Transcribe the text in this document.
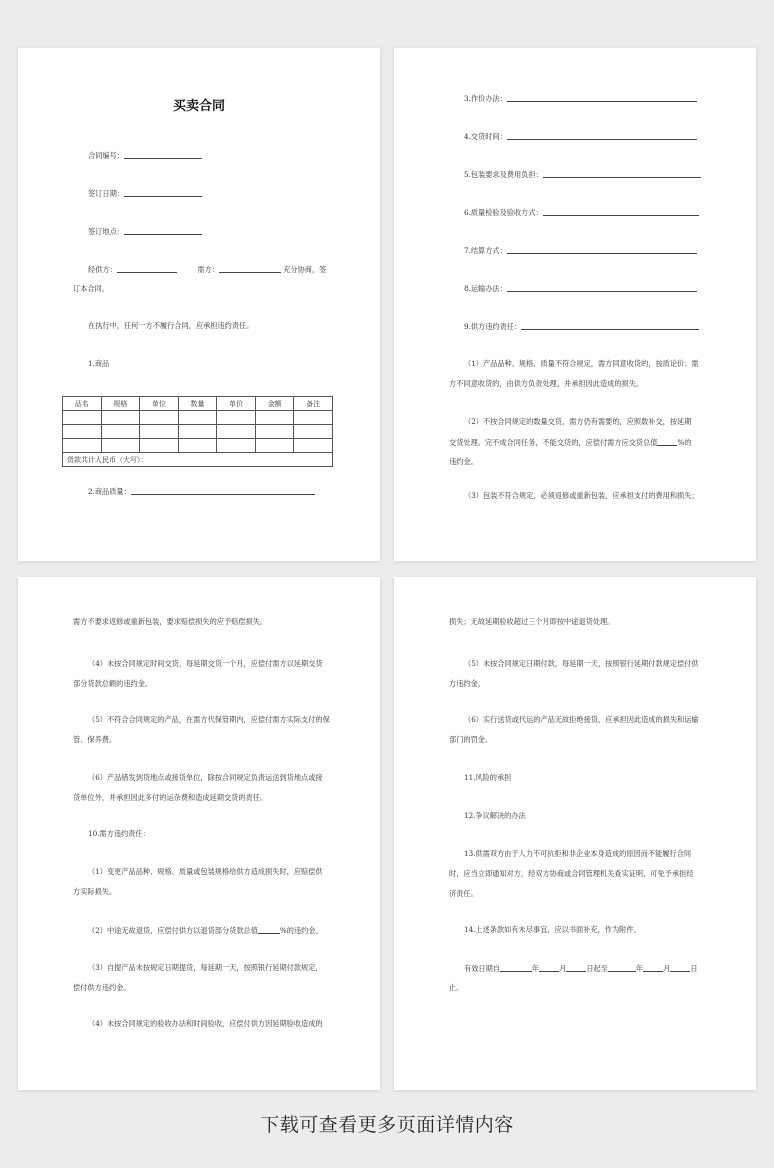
买卖合同
合同编号：
签订日期：
签订地点：
经供方：	需方：	充分协商，签
订本合同。
在执行中，任何一方不履行合同，应承担违约责任。
1.商品
品名	规格	单位	数量	单价	金额	备注

货款共计人民币（大写）：						
2.商品质量：
3.作价办法：
4.交货时间：
5.包装要求及费用负担：
6.质量检验及验收方式：
7.结算方式：
8.运输办法：
9.供方违约责任：
（1）产品品种、规格、质量不符合规定，需方同意收货的，按质论价；需
方不同意收货的，由供方负责处理，并承担因此造成的损失。
（2）不按合同规定的数量交货，需方仍有需要的，应照数补交，按延期
交货处理。完不成合同任务，不能交货的，应偿付需方应交货总值	%的
违约金。
（3）包装不符合规定，必须返修或重新包装，应承担支付的费用和损失；
需方不要求返修或重新包装，要求赔偿损失的应予赔偿损失。
（4）未按合同规定时间交货，每延期交货一个月，应偿付需方以延期交货
部分货款总额的违约金。
（5）不符合合同规定的产品，在需方代保管期内，应偿付需方实际支付的保
管、保养费。
（6）产品错发到货地点或接货单位，除按合同规定负责运送到货地点或接
货单位外，并承担因此多付的运杂费和造成延期交货的责任。
10.需方违约责任：
（1）变更产品品种、规格、质量或包装规格给供方造成损失时，应赔偿供
方实际损失。
（2）中途无故退货，应偿付供方以退货部分货款总值	%的违约金。
（3）自提产品未按规定日期提货，每延期一天，按照银行延期付款规定，
偿付供方违约金。
（4）未按合同规定的验收办法和时间验收，应偿付供方因延期验收造成的
损失；无故延期验收超过三个月即按中途退货处理。
（5）未按合同规定日期付款，每延期一天，按照银行延期付款规定偿付供
方违约金。
（6）实行送货或代运的产品无故拒绝接货，应承担因此造成的损失和运输
部门的罚金。
11.风险的承担
12.争议解决的办法
13.供需双方由于人力不可抗拒和非企业本身造成的原因而不能履行合同
时，应当立即通知对方，经双方协商或合同管理机关查实证明，可免予承担经
济责任。
14.上述条款如有未尽事宜，应以书面补充，作为附件。
有效日期自	年	月	日起至	年	月	日
止。
下载可查看更多页面详情内容
